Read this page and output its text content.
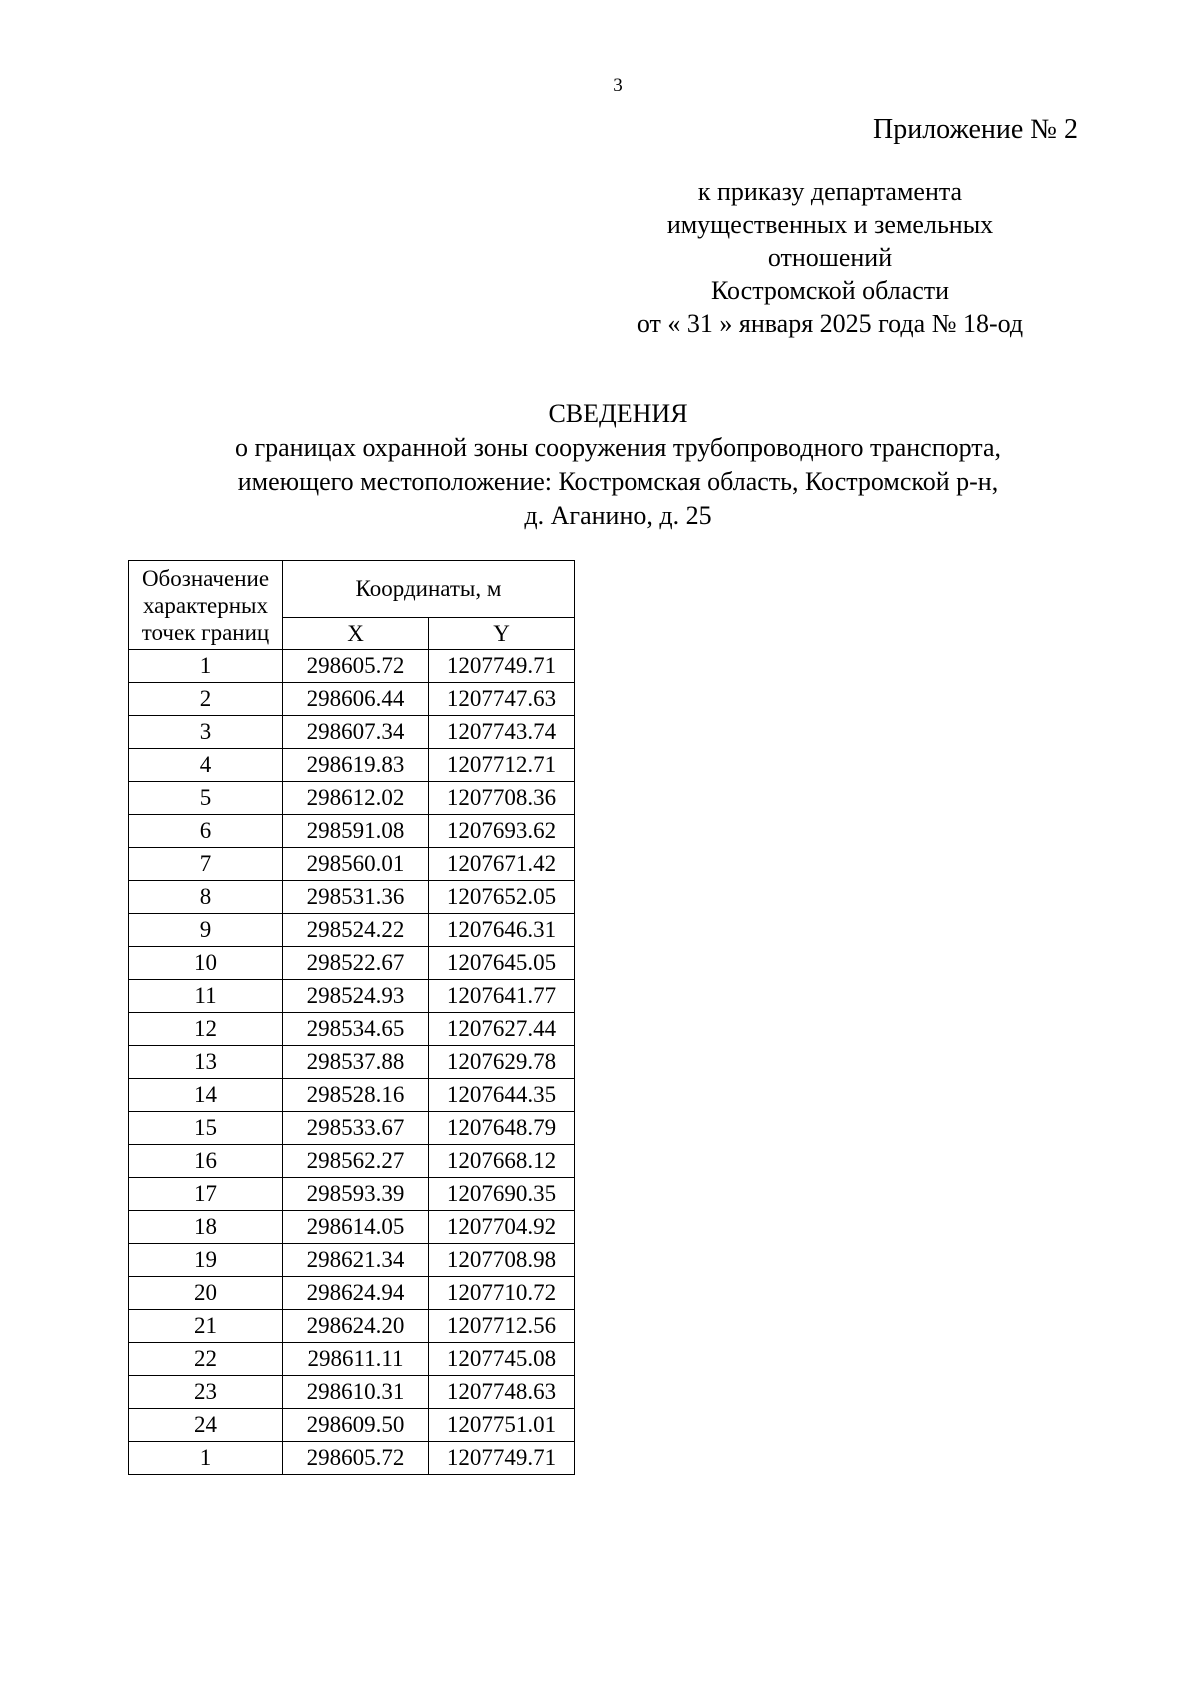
3
Приложение № 2
к приказу департамента
имущественных и земельных
отношений
Костромской области
от « 31 » января 2025 года № 18-од
СВЕДЕНИЯ
о границах охранной зоны сооружения трубопроводного транспорта,
имеющего местоположение: Костромская область, Костромской р-н,
д. Аганино, д. 25
Обозначение характерных точек границ	Координаты, м	
	X	Y
1	298605.72	1207749.71
2	298606.44	1207747.63
3	298607.34	1207743.74
4	298619.83	1207712.71
5	298612.02	1207708.36
6	298591.08	1207693.62
7	298560.01	1207671.42
8	298531.36	1207652.05
9	298524.22	1207646.31
10	298522.67	1207645.05
11	298524.93	1207641.77
12	298534.65	1207627.44
13	298537.88	1207629.78
14	298528.16	1207644.35
15	298533.67	1207648.79
16	298562.27	1207668.12
17	298593.39	1207690.35
18	298614.05	1207704.92
19	298621.34	1207708.98
20	298624.94	1207710.72
21	298624.20	1207712.56
22	298611.11	1207745.08
23	298610.31	1207748.63
24	298609.50	1207751.01
1	298605.72	1207749.71
